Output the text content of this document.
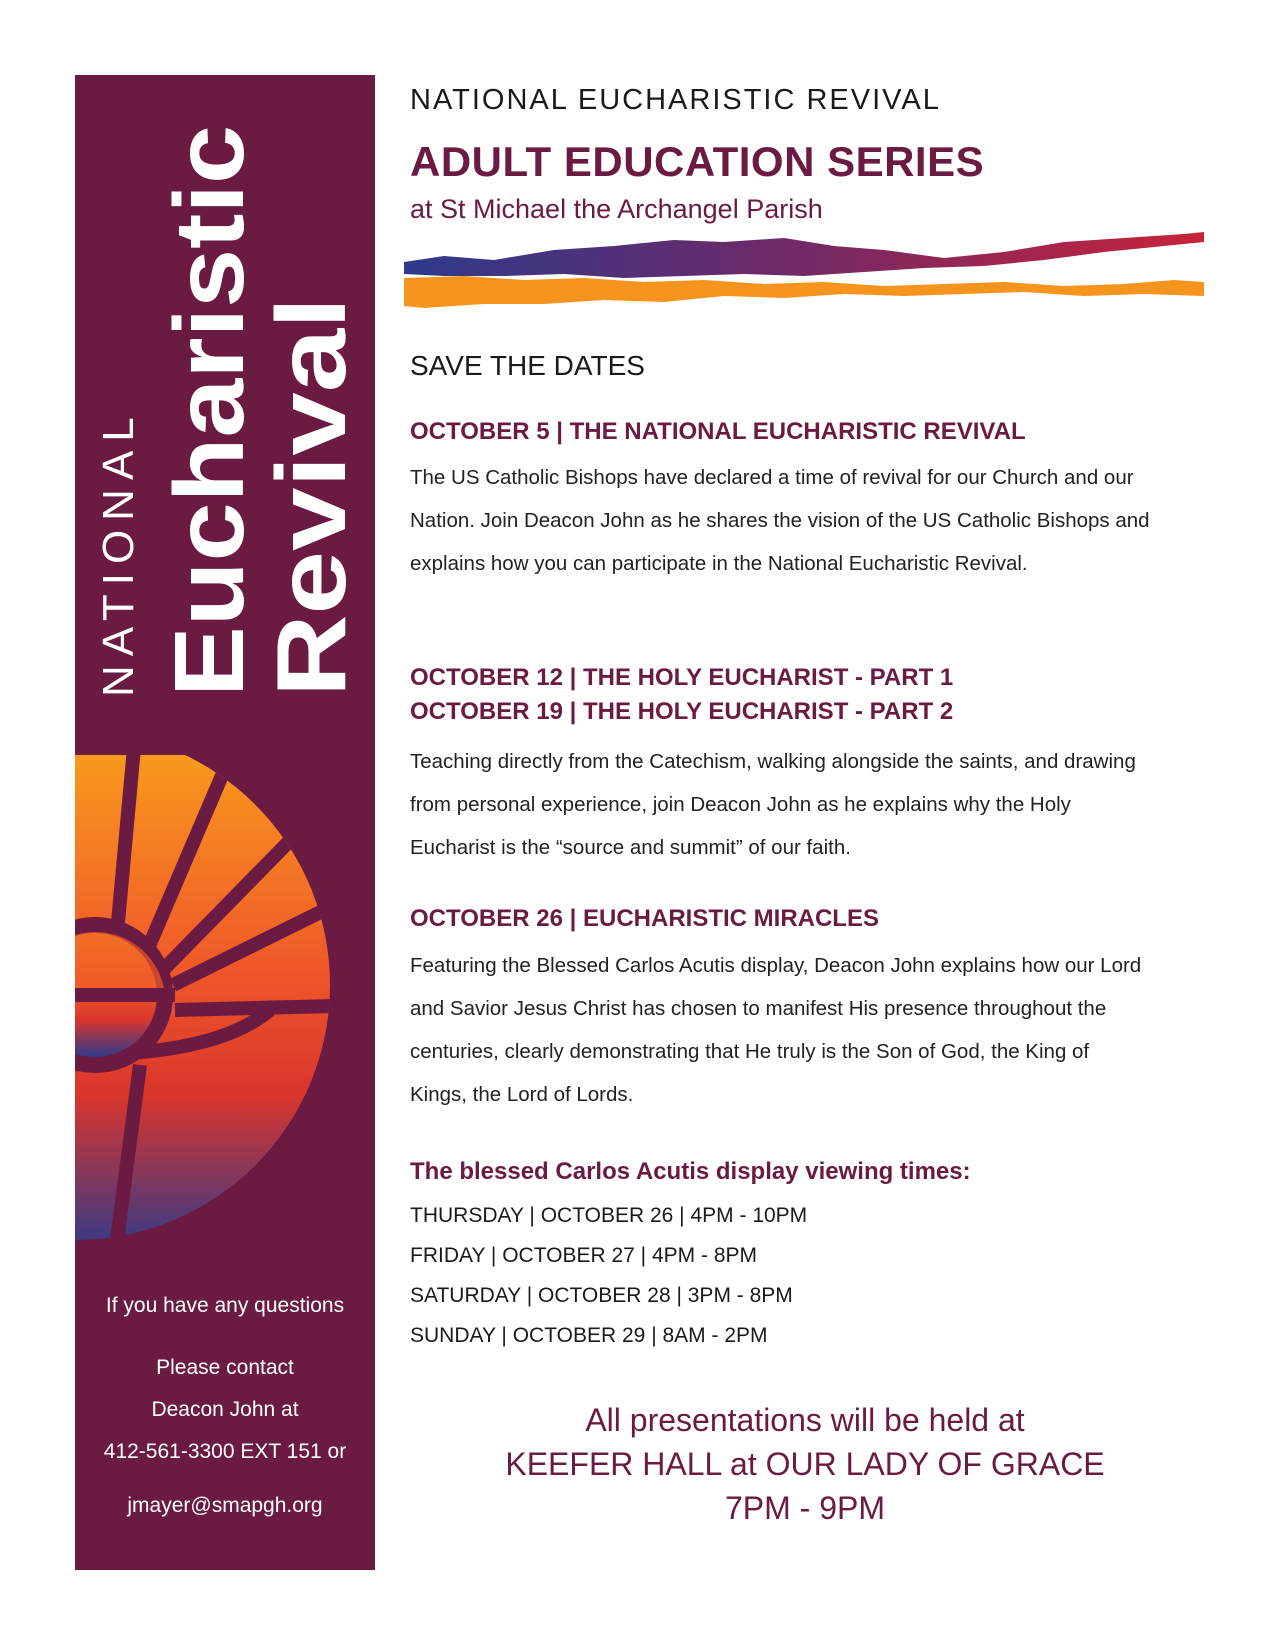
NATIONAL Eucharistic
Revival
If you have any questions
Please contact
Deacon John at
412-561-3300 EXT 151 or
jmayer@smapgh.org
NATIONAL EUCHARISTIC REVIVAL
ADULT EDUCATION SERIES
at St Michael the Archangel Parish
SAVE THE DATES
OCTOBER 5 | THE NATIONAL EUCHARISTIC REVIVAL
The US Catholic Bishops have declared a time of revival for our Church and our Nation. Join Deacon John as he shares the vision of the US Catholic Bishops and explains how you can participate in the National Eucharistic Revival.
OCTOBER 12 | THE HOLY EUCHARIST - PART 1
OCTOBER 19 | THE HOLY EUCHARIST - PART 2
Teaching directly from the Catechism, walking alongside the saints, and drawing from personal experience, join Deacon John as he explains why the Holy Eucharist is the “source and summit” of our faith.
OCTOBER 26 | EUCHARISTIC MIRACLES
Featuring the Blessed Carlos Acutis display, Deacon John explains how our Lord and Savior Jesus Christ has chosen to manifest His presence throughout the centuries, clearly demonstrating that He truly is the Son of God, the King of Kings, the Lord of Lords.
The blessed Carlos Acutis display viewing times:
THURSDAY | OCTOBER 26 | 4PM - 10PM
FRIDAY | OCTOBER 27 | 4PM - 8PM
SATURDAY | OCTOBER 28 | 3PM - 8PM
SUNDAY | OCTOBER 29 | 8AM - 2PM
All presentations will be held at
KEEFER HALL at OUR LADY OF GRACE
7PM - 9PM
